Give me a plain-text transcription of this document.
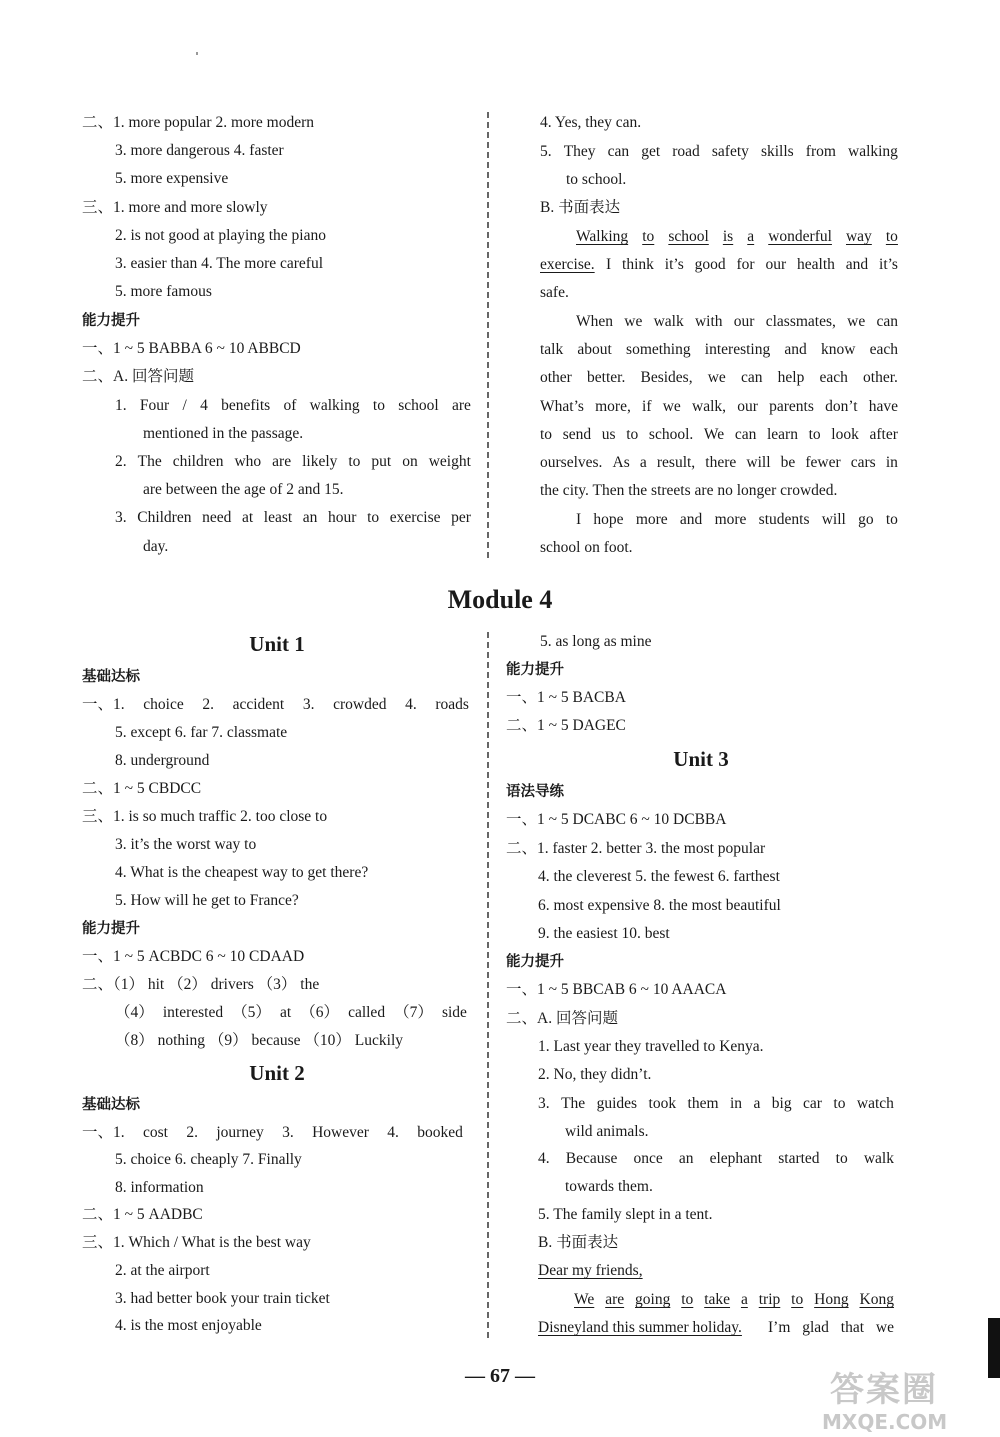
二、1. more popular 2. more modern
3. more dangerous 4. faster
5. more expensive
三、1. more and more slowly
2. is not good at playing the piano
3. easier than 4. The more careful
5. more famous
能力提升
一、1 ~ 5 BABBA 6 ~ 10 ABBCD
二、A. 回答问题
1. Four / 4 benefits of walking to school are
mentioned in the passage.
2. The children who are likely to put on weight
are between the age of 2 and 15.
3. Children need at least an hour to exercise per
day.
4. Yes, they can.
5. They can get road safety skills from walking
to school.
B. 书面表达
Walking to school is a wonderful way to
exercise. I think it’s good for our health and it’s
safe.
When we walk with our classmates, we can
talk about something interesting and know each
other better. Besides, we can help each other.
What’s more, if we walk, our parents don’t have
to send us to school. We can learn to look after
ourselves. As a result, there will be fewer cars in
the city. Then the streets are no longer crowded.
I hope more and more students will go to
school on foot.
Module 4
Unit 1
基础达标
一、1. choice 2. accident 3. crowded 4. roads
5. except 6. far 7. classmate
8. underground
二、1 ~ 5 CBDCC
三、1. is so much traffic 2. too close to
3. it’s the worst way to
4. What is the cheapest way to get there?
5. How will he get to France?
能力提升
一、1 ~ 5 ACBDC 6 ~ 10 CDAAD
二、（1） hit （2） drivers （3） the
（4） interested （5） at （6） called （7） side
（8） nothing （9） because （10） Luckily
Unit 2
基础达标
一、1. cost 2. journey 3. However 4. booked
5. choice 6. cheaply 7. Finally
8. information
二、1 ~ 5 AADBC
三、1. Which / What is the best way
2. at the airport
3. had better book your train ticket
4. is the most enjoyable
5. as long as mine
能力提升
一、1 ~ 5 BACBA
二、1 ~ 5 DAGEC
Unit 3
语法导练
一、1 ~ 5 DCABC 6 ~ 10 DCBBA
二、1. faster 2. better 3. the most popular
4. the cleverest 5. the fewest 6. farthest
6. most expensive 8. the most beautiful
9. the easiest 10. best
能力提升
一、1 ~ 5 BBCAB 6 ~ 10 AAACA
二、A. 回答问题
1. Last year they travelled to Kenya.
2. No, they didn’t.
3. The guides took them in a big car to watch
wild animals.
4. Because once an elephant started to walk
towards them.
5. The family slept in a tent.
B. 书面表达
Dear my friends,
We are going to take a trip to Hong Kong
Disneyland this summer holiday. I’m glad that we
— 67 —	答案圈
MXQE.COM
